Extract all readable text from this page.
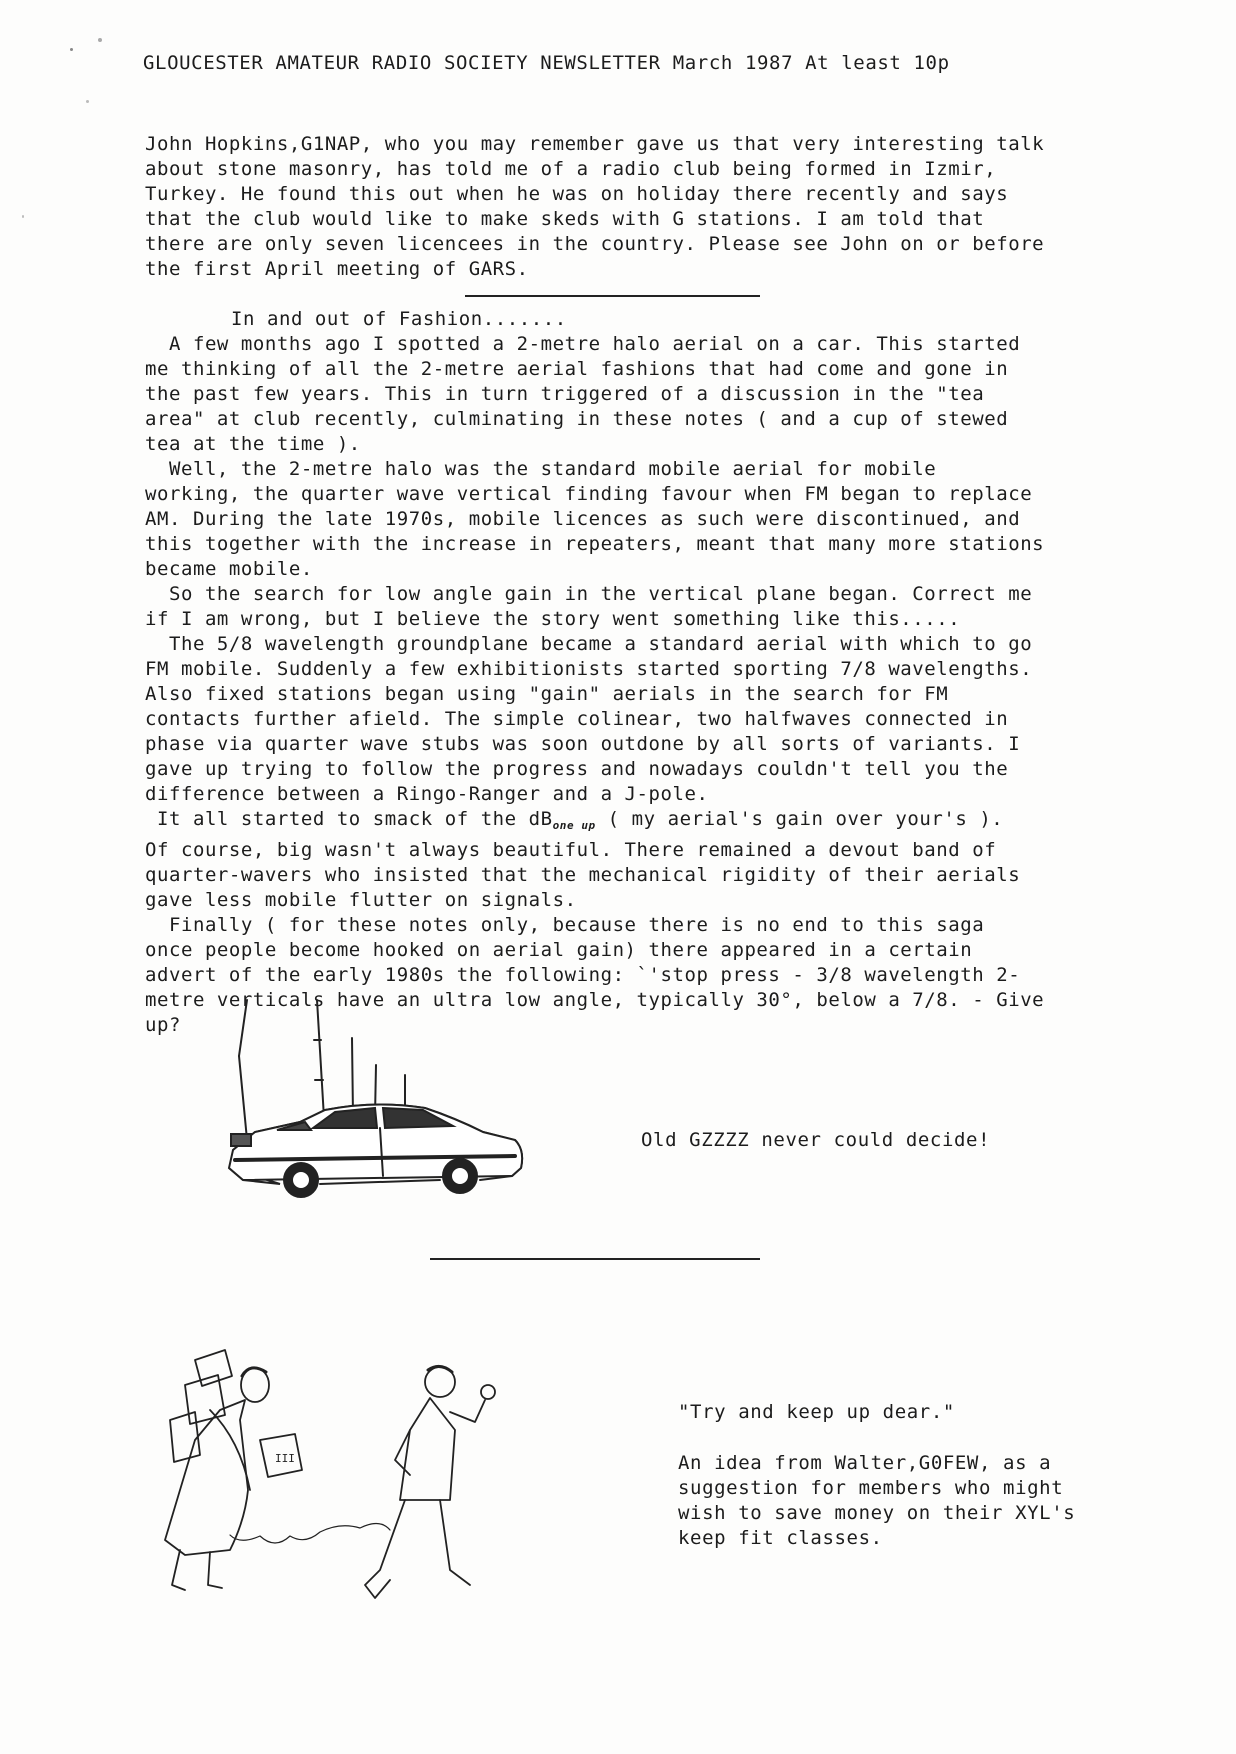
GLOUCESTER AMATEUR RADIO SOCIETY NEWSLETTER March 1987 At least 10p
John Hopkins,G1NAP, who you may remember gave us that very interesting talk
about stone masonry, has told me of a radio club being formed in Izmir,
Turkey. He found this out when he was on holiday there recently and says
that the club would like to make skeds with G stations. I am told that
there are only seven licencees in the country. Please see John on or before
the first April meeting of GARS.
In and out of Fashion.......
A few months ago I spotted a 2-metre halo aerial on a car. This started
me thinking of all the 2-metre aerial fashions that had come and gone in
the past few years. This in turn triggered of a discussion in the "tea
area" at club recently, culminating in these notes ( and a cup of stewed
tea at the time ).
Well, the 2-metre halo was the standard mobile aerial for mobile
working, the quarter wave vertical finding favour when FM began to replace
AM. During the late 1970s, mobile licences as such were discontinued, and
this together with the increase in repeaters, meant that many more stations
became mobile.
So the search for low angle gain in the vertical plane began. Correct me
if I am wrong, but I believe the story went something like this.....
The 5/8 wavelength groundplane became a standard aerial with which to go
FM mobile. Suddenly a few exhibitionists started sporting 7/8 wavelengths.
Also fixed stations began using "gain" aerials in the search for FM
contacts further afield. The simple colinear, two halfwaves connected in
phase via quarter wave stubs was soon outdone by all sorts of variants. I
gave up trying to follow the progress and nowadays couldn't tell you the
difference between a Ringo-Ranger and a J-pole.
It all started to smack of the $dB_{one up}$ ( my aerial's gain over your's ).
Of course, big wasn't always beautiful. There remained a devout band of
quarter-wavers who insisted that the mechanical rigidity of their aerials
gave less mobile flutter on signals.
Finally ( for these notes only, because there is no end to this saga
once people become hooked on aerial gain) there appeared in a certain
advert of the early 1980s the following: `'stop press - 3/8 wavelength 2-
metre verticals have an ultra low angle, typically 30°, below a 7/8. - Give
up?
GZZZZ
Old GZZZZ never could decide!
III
"Try and keep up dear."
An idea from Walter,G0FEW, as a
suggestion for members who might
wish to save money on their XYL's
keep fit classes.
